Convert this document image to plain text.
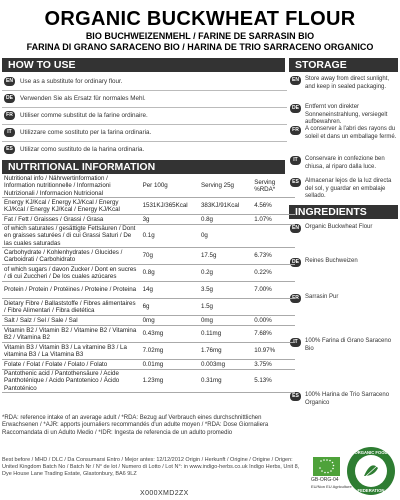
ORGANIC BUCKWHEAT FLOUR
BIO BUCHWEIZENMEHL / FARINE DE SARRASIN BIO
FARINA DI GRANO SARACENO BIO / HARINA DE TRIO SARRACENO ORGANICO
HOW TO USE
EN	Use as a substitute for ordinary flour.
DE	Verwenden Sie als Ersatz für normales Mehl.
FR	Utiliser comme substitut de la farine ordinaire.
IT	Utilizzare come sostituto per la farina ordinaria.
ES	Utilizar como sustituto de la harina ordinaria.
STORAGE
EN	Store away from direct sunlight, and keep in sealed packaging.
DE	Entfernt von direkter Sonneneinstrahlung, versiegelt aufbewahren.
FR	A conserver à l'abri des rayons du soleil et dans un emballage fermé.
IT	Conservare in confezione ben chiusa, al riparo dalla luce.
ES	Almacenar lejos de la luz directa del sol, y guardar en embalaje sellado.
INGREDIENTS
EN	Organic Buckwheat Flour
DE	Reines Buchweizen
FR	Sarrasin Pur
IT	100% Farina di Grano Saraceno Bio
ES	100% Harina de Trio Sarraceno Organico
NUTRITIONAL INFORMATION
Nutritional info / Nährwertinformation / Information nutritionnelle / Informazioni Nutrizionali / Informacion Nutricional	Per 100g	Serving 25g	Serving %RDA*
Energy KJ/Kcal / Energy KJ/Kcal / Energy KJ/Kcal / Energy KJ/Kcal / Energy KJ/Kcal	1531KJ/365Kcal	383KJ/91Kcal	4.56%
Fat / Fett / Graisses / Grassi / Grasa	3g	0.8g	1.07%
of which saturates / gesättigte Fettsäuren / Dont en graisses saturées / di cui Grassi Saturi / De las cuales saturadas	0.1g	0g	
Carbohydrate / Kohlenhydrates / Glucides / Carboidrati / Carbohidrato	70g	17.5g	6.73%
of which sugars / davon Zucker / Dont en sucres / di cui Zuccheri / De los cuales azúcares	0.8g	0.2g	0.22%
Protein / Protein / Protéines / Proteine / Proteina	14g	3.5g	7.00%
Dietary Fibre / Ballaststoffe / Fibres alimentaires / Fibre Alimentari / Fibra dietética	6g	1.5g	
Salt / Salz / Sel / Sale / Sal	0mg	0mg	0.00%
Vitamin B2 / Vitamin B2 / Vitamine B2 / Vitamina B2 / Vitamina B2	0.43mg	0.11mg	7.68%
Vitamin B3 / Vitamin B3 / La vitamine B3 / La vitamina B3 / La Vitamina B3	7.02mg	1.76mg	10.97%
Folate / Folat / Folate / Folato / Folato	0.01mg	0.003mg	3.75%
Pantothenic acid / Pantothensäure / Acide Panthoténique / Acido Pantotenico / Ácido Pantoténico	1.23mg	0.31mg	5.13%
*RDA: reference intake of an average adult / *RDA: Bezug auf Verbrauch eines durchschnittlichen Erwachsenen / *AJR: apports journaliers recommandés d'un adulte moyen / *RDA: Dose Giornaliera Raccomandata di un Adulto Medio / *IDR: Ingesta de referencia de un adulto promedio
Best before / MHD / DLC / Da Consumarsi Entro / Mejor antes: 12/12/2012 Origin / Herkunft / Origine / Origine / Origen: United Kingdom Batch No / Batch Nr / N° de lot / Numero di Lotto / Lot N°: in www.indigo-herbs.co.uk Indigo Herbs, Unit 8, Dye House Lane Trading Estate, Glastonbury, BA6 9LZ
X000XMD2ZX
GB-ORG-04
EU/Non EU Agriculture
ORGANIC FOOD
FEDERATION
